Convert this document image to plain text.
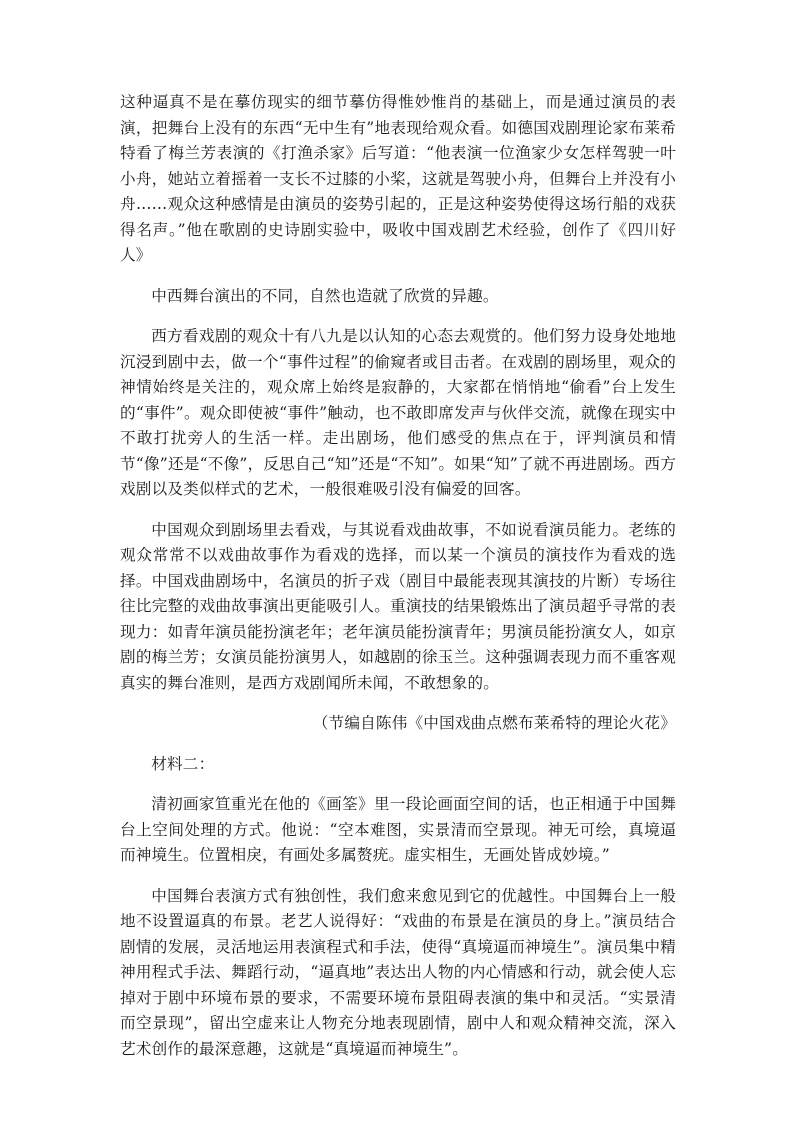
这种逼真不是在摹仿现实的细节摹仿得惟妙惟肖的基础上，而是通过演员的表演，把舞台上没有的东西“无中生有”地表现给观众看。如德国戏剧理论家布莱希特看了梅兰芳表演的《打渔杀家》后写道：“他表演一位渔家少女怎样驾驶一叶小舟，她站立着摇着一支长不过膝的小桨，这就是驾驶小舟，但舞台上并没有小舟……观众这种感情是由演员的姿势引起的，正是这种姿势使得这场行船的戏获得名声。”他在歌剧的史诗剧实验中，吸收中国戏剧艺术经验，创作了《四川好人》

中西舞台演出的不同，自然也造就了欣赏的异趣。

西方看戏剧的观众十有八九是以认知的心态去观赏的。他们努力设身处地地沉浸到剧中去，做一个“事件过程”的偷窥者或目击者。在戏剧的剧场里，观众的神情始终是关注的，观众席上始终是寂静的，大家都在悄悄地“偷看”台上发生的“事件”。观众即使被“事件”触动，也不敢即席发声与伙伴交流，就像在现实中不敢打扰旁人的生活一样。走出剧场，他们感受的焦点在于，评判演员和情节“像”还是“不像”，反思自己“知”还是“不知”。如果“知”了就不再进剧场。西方戏剧以及类似样式的艺术，一般很难吸引没有偏爱的回客。

中国观众到剧场里去看戏，与其说看戏曲故事，不如说看演员能力。老练的观众常常不以戏曲故事作为看戏的选择，而以某一个演员的演技作为看戏的选择。中国戏曲剧场中，名演员的折子戏（剧目中最能表现其演技的片断）专场往往比完整的戏曲故事演出更能吸引人。重演技的结果锻炼出了演员超乎寻常的表现力：如青年演员能扮演老年；老年演员能扮演青年；男演员能扮演女人，如京剧的梅兰芳；女演员能扮演男人，如越剧的徐玉兰。这种强调表现力而不重客观真实的舞台准则，是西方戏剧闻所未闻，不敢想象的。

（节编自陈伟《中国戏曲点燃布莱希特的理论火花》

材料二：

清初画家笪重光在他的《画筌》里一段论画面空间的话，也正相通于中国舞台上空间处理的方式。他说：“空本难图，实景清而空景现。神无可绘，真境逼而神境生。位置相戾，有画处多属赘疣。虚实相生，无画处皆成妙境。”

中国舞台表演方式有独创性，我们愈来愈见到它的优越性。中国舞台上一般地不设置逼真的布景。老艺人说得好：“戏曲的布景是在演员的身上。”演员结合剧情的发展，灵活地运用表演程式和手法，使得“真境逼而神境生”。演员集中精神用程式手法、舞蹈行动，“逼真地”表达出人物的内心情感和行动，就会使人忘掉对于剧中环境布景的要求，不需要环境布景阻碍表演的集中和灵活。“实景清而空景现”，留出空虚来让人物充分地表现剧情，剧中人和观众精神交流，深入艺术创作的最深意趣，这就是“真境逼而神境生”。
